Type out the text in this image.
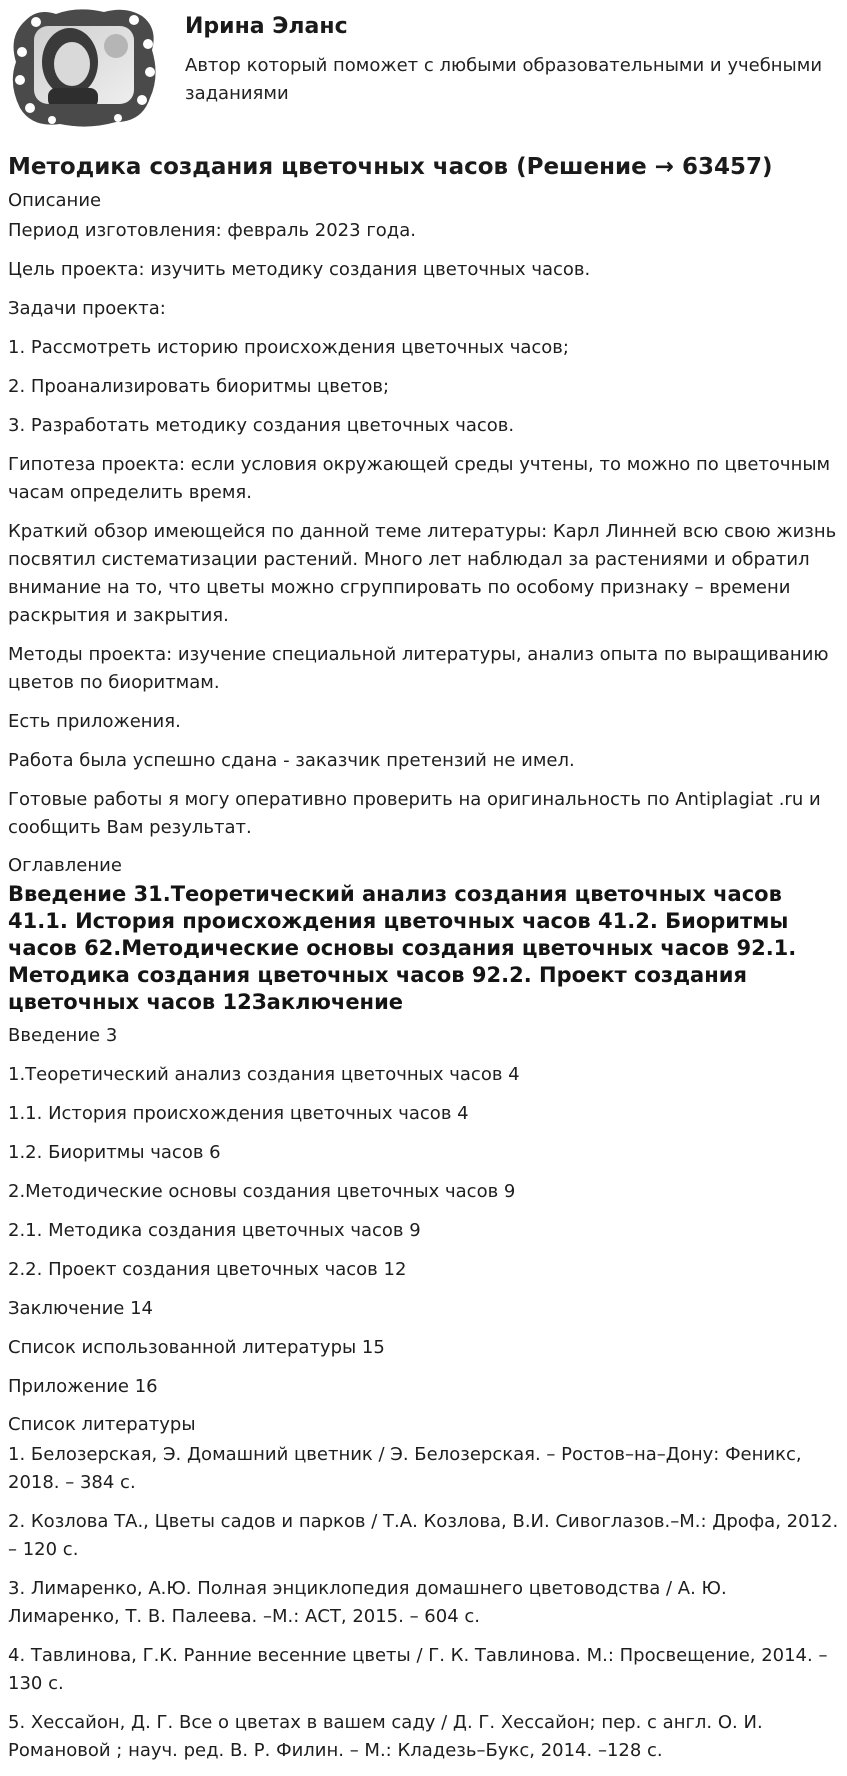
Ирина Эланс
Автор который поможет с любыми образовательными и учебными заданиями
Методика создания цветочных часов (Решение → 63457)
Описание

Период изготовления: февраль 2023 года.

Цель проекта: изучить методику создания цветочных часов.

Задачи проекта:

1. Рассмотреть историю происхождения цветочных часов;

2. Проанализировать биоритмы цветов;

3. Разработать методику создания цветочных часов.

Гипотеза проекта: если условия окружающей среды учтены, то можно по цветочным часам определить время.

Краткий обзор имеющейся по данной теме литературы: Карл Линней всю свою жизнь посвятил систематизации растений. Много лет наблюдал за растениями и обратил внимание на то, что цветы можно сгруппировать по особому признаку – времени раскрытия и закрытия.

Методы проекта: изучение специальной литературы, анализ опыта по выращиванию цветов по биоритмам.

Есть приложения.

Работа была успешно сдана - заказчик претензий не имел.

Готовые работы я могу оперативно проверить на оригинальность по Antiplagiat .ru и сообщить Вам результат.

Оглавление
Введение 31.Теоретический анализ создания цветочных часов 41.1. История происхождения цветочных часов 41.2. Биоритмы часов 62.Методические основы создания цветочных часов 92.1. Методика создания цветочных часов 92.2. Проект создания цветочных часов 12Заключение

Введение 3

1.Теоретический анализ создания цветочных часов 4

1.1. История происхождения цветочных часов 4

1.2. Биоритмы часов 6

2.Методические основы создания цветочных часов 9

2.1. Методика создания цветочных часов 9

2.2. Проект создания цветочных часов 12

Заключение 14

Список использованной литературы 15

Приложение 16

Список литературы

1. Белозерская, Э. Домашний цветник / Э. Белозерская. – Ростов–на–Дону: Феникс, 2018. – 384 с.

2. Козлова ТА., Цветы садов и парков / Т.А. Козлова, В.И. Сивоглазов.–М.: Дрофа, 2012. – 120 с.

3. Лимаренко, А.Ю. Полная энциклопедия домашнего цветоводства / А. Ю. Лимаренко, Т. В. Палеева. –М.: АСТ, 2015. – 604 с.

4. Тавлинова, Г.К. Ранние весенние цветы / Г. К. Тавлинова. М.: Просвещение, 2014. – 130 с.

5. Хессайон, Д. Г. Все о цветах в вашем саду / Д. Г. Хессайон; пер. с англ. О. И. Романовой ; науч. ред. В. Р. Филин. – М.: Кладезь–Букс, 2014. –128 с.
